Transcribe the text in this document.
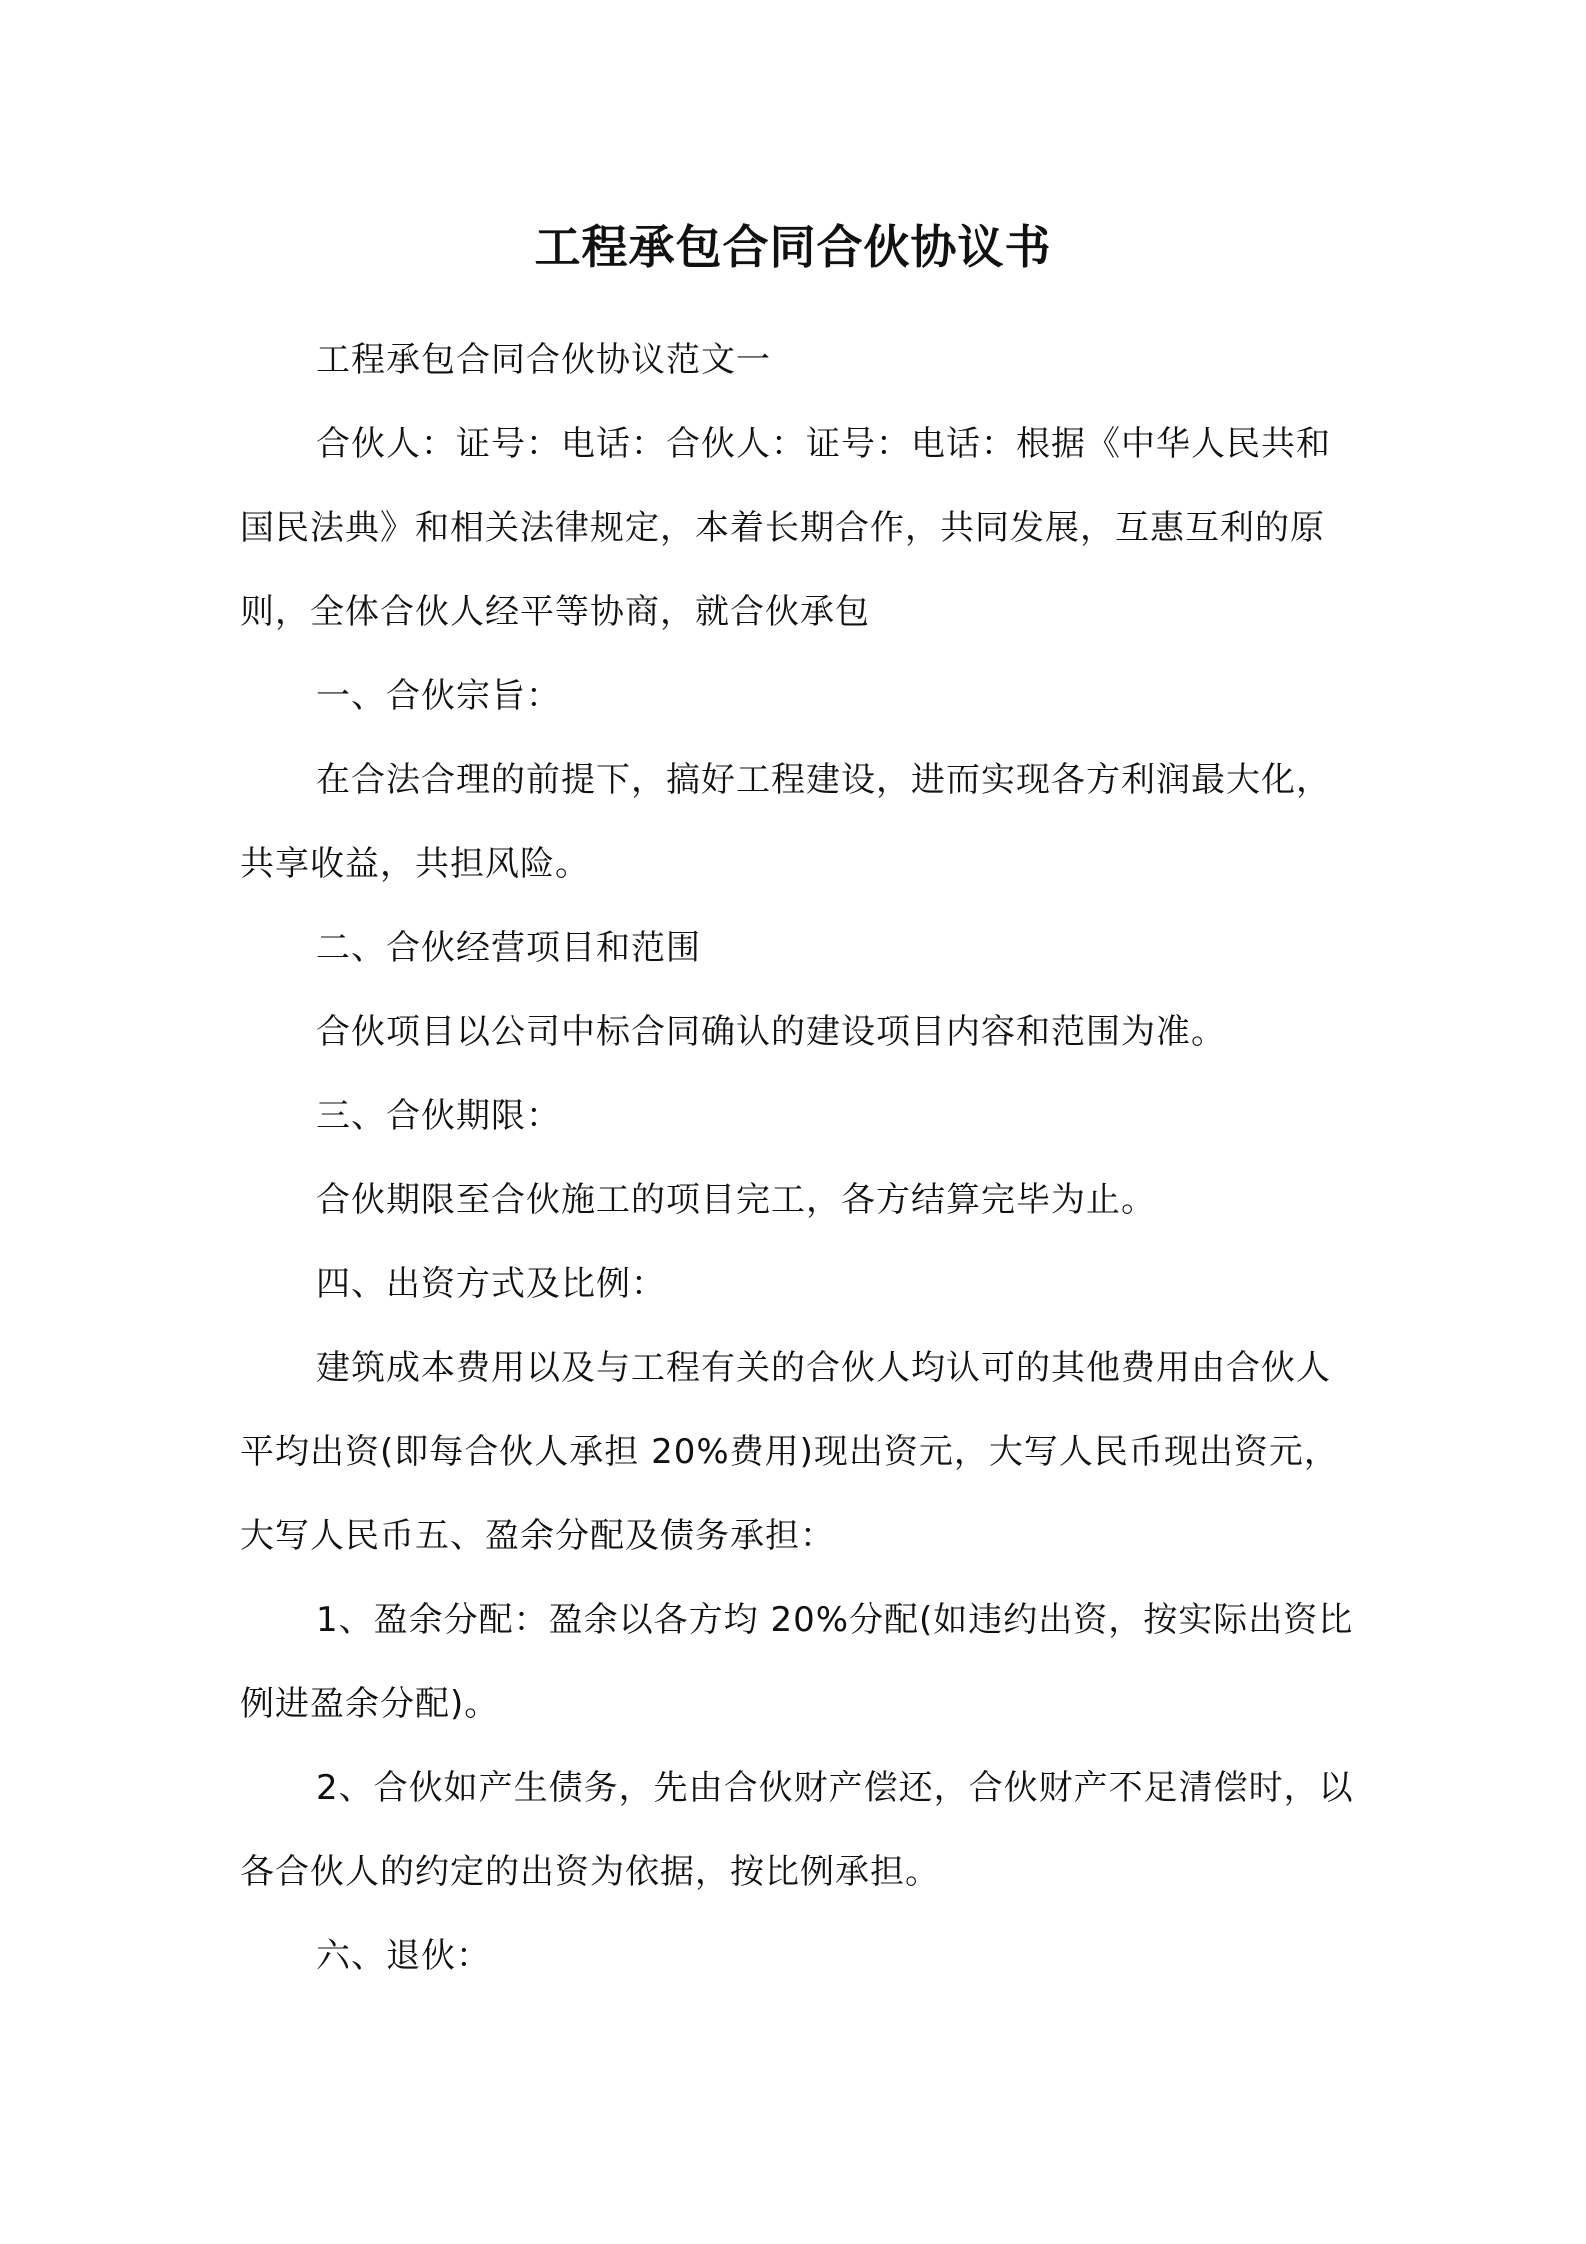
工程承包合同合伙协议书

工程承包合同合伙协议范文一

合伙人：证号：电话：合伙人：证号：电话：根据《中华人民共和国民法典》和相关法律规定，本着长期合作，共同发展，互惠互利的原则，全体合伙人经平等协商，就合伙承包

一、合伙宗旨：

在合法合理的前提下，搞好工程建设，进而实现各方利润最大化，共享收益，共担风险。

二、合伙经营项目和范围

合伙项目以公司中标合同确认的建设项目内容和范围为准。

三、合伙期限：

合伙期限至合伙施工的项目完工，各方结算完毕为止。

四、出资方式及比例：

建筑成本费用以及与工程有关的合伙人均认可的其他费用由合伙人平均出资(即每合伙人承担 20%费用)现出资元，大写人民币现出资元，大写人民币五、盈余分配及债务承担：

1、盈余分配：盈余以各方均 20%分配(如违约出资，按实际出资比例进盈余分配)。

2、合伙如产生债务，先由合伙财产偿还，合伙财产不足清偿时，以各合伙人的约定的出资为依据，按比例承担。

六、退伙：
